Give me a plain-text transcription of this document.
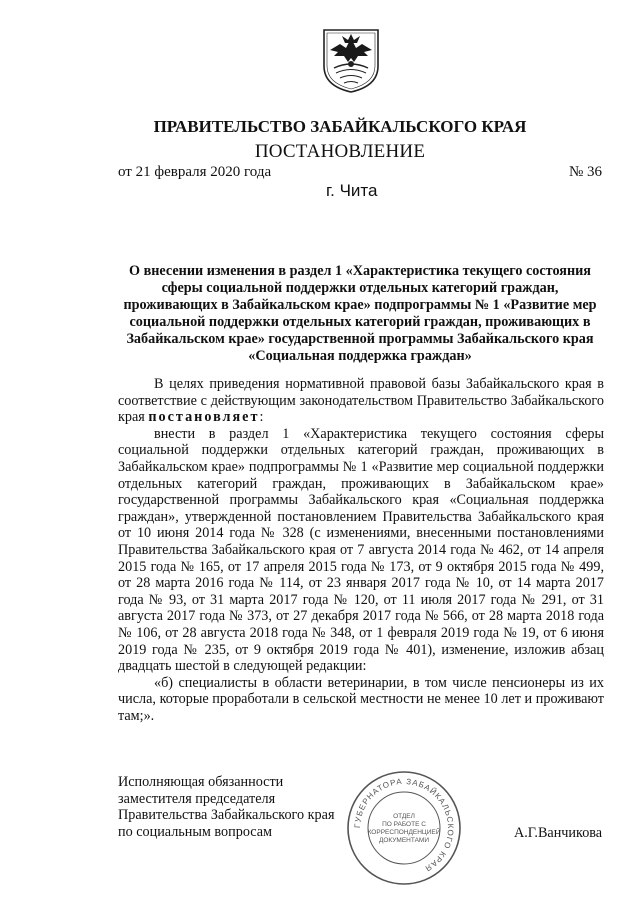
ПРАВИТЕЛЬСТВО ЗАБАЙКАЛЬСКОГО КРАЯ
ПОСТАНОВЛЕНИЕ
от 21 февраля 2020 года	№ 36
г. Чита
О внесении изменения в раздел 1 «Характеристика текущего состояния сферы социальной поддержки отдельных категорий граждан, проживающих в Забайкальском крае» подпрограммы № 1 «Развитие мер социальной поддержки отдельных категорий граждан, проживающих в Забайкальском крае» государственной программы Забайкальского края «Социальная поддержка граждан»

В целях приведения нормативной правовой базы Забайкальского края в соответствие с действующим законодательством Правительство Забайкальского края постановляет:

внести в раздел 1 «Характеристика текущего состояния сферы социальной поддержки отдельных категорий граждан, проживающих в Забайкальском крае» подпрограммы № 1 «Развитие мер социальной поддержки отдельных категорий граждан, проживающих в Забайкальском крае» государственной программы Забайкальского края «Социальная поддержка граждан», утвержденной постановлением Правительства Забайкальского края от 10 июня 2014 года № 328 (с изменениями, внесенными постановлениями Правительства Забайкальского края от 7 августа 2014 года № 462, от 14 апреля 2015 года № 165, от 17 апреля 2015 года № 173, от 9 октября 2015 года № 499, от 28 марта 2016 года № 114, от 23 января 2017 года № 10, от 14 марта 2017 года № 93, от 31 марта 2017 года № 120, от 11 июля 2017 года № 291, от 31 августа 2017 года № 373, от 27 декабря 2017 года № 566, от 28 марта 2018 года № 106, от 28 августа 2018 года № 348, от 1 февраля 2019 года № 19, от 6 июня 2019 года № 235, от 9 октября 2019 года № 401), изменение, изложив абзац двадцать шестой в следующей редакции:

«б) специалисты в области ветеринарии, в том числе пенсионеры из их числа, которые проработали в сельской местности не менее 10 лет и проживают там;».

Исполняющая обязанности
заместителя председателя
Правительства Забайкальского края
по социальным вопросам	ГУБЕРНАТОРА ЗАБАЙКАЛЬСКОГО КРАЯ
ОТДЕЛ
ПО РАБОТЕ С
КОРРЕСПОНДЕНЦИЕЙ
ДОКУМЕНТАМИ	А.Г.Ванчикова
